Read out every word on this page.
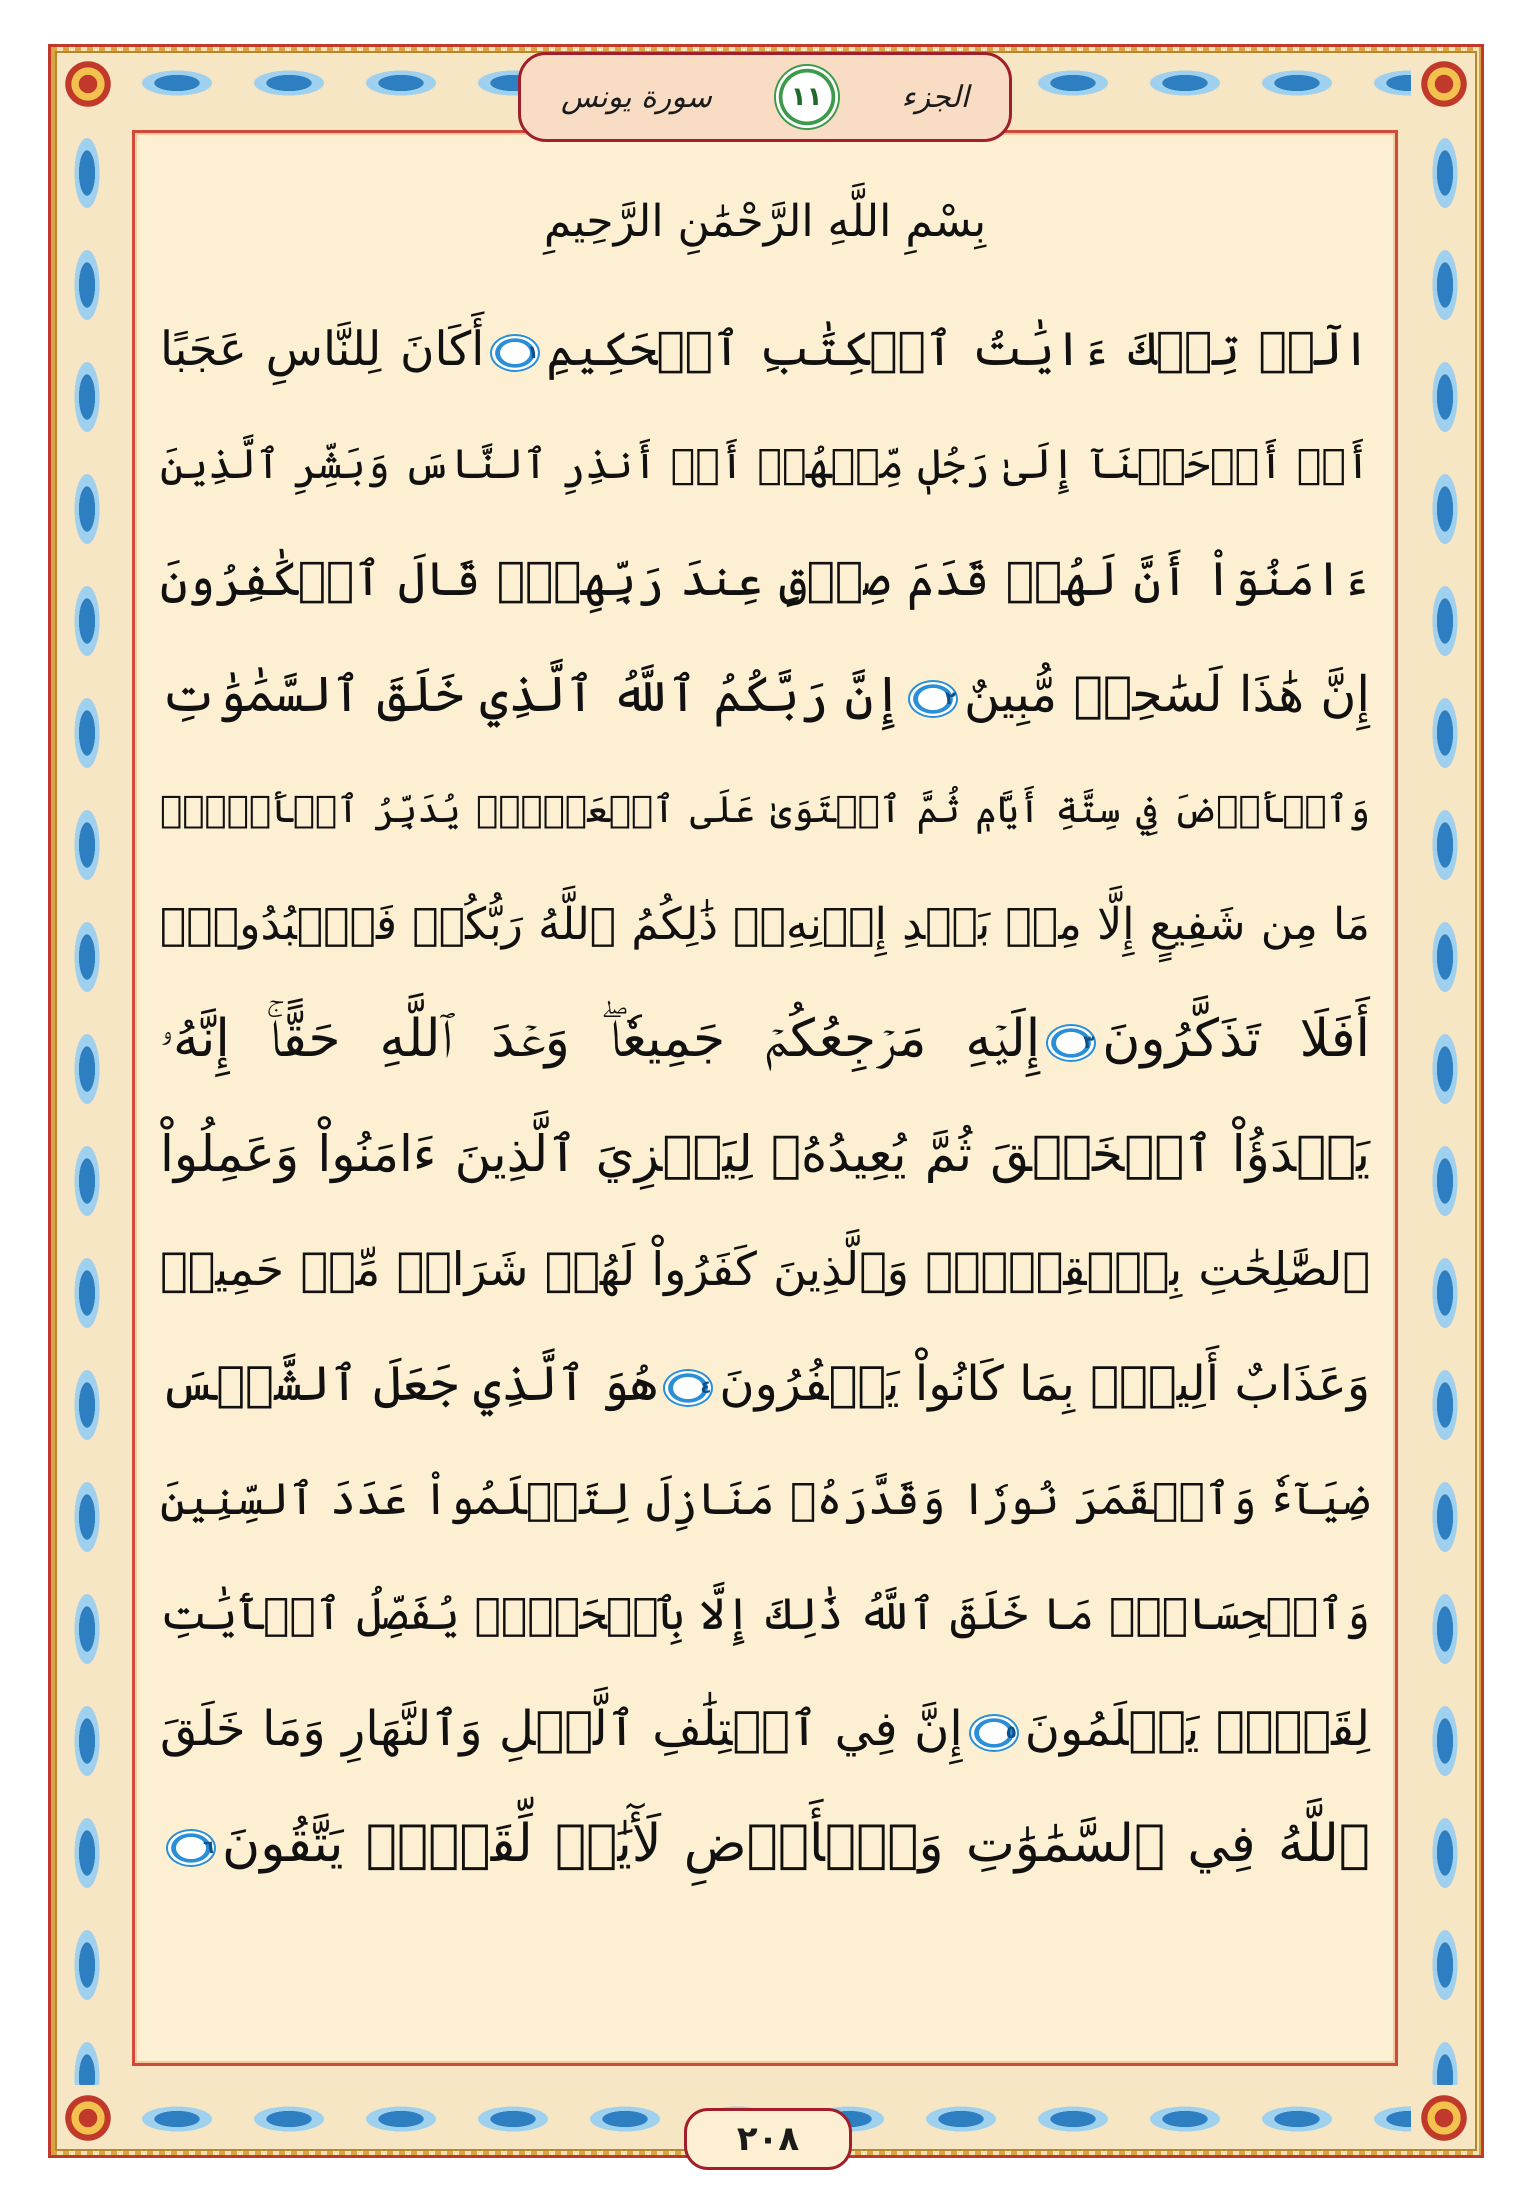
الجزء
١١
سورة يونس
بِسْمِ اللَّهِ الرَّحْمَٰنِ الرَّحِيمِ
الٓرۚ تِلۡكَ ءَايَٰتُ ٱلۡكِتَٰبِ ٱلۡحَكِيمِ١أَكَانَ لِلنَّاسِ عَجَبًا
أَنۡ أَوۡحَيۡنَآ إِلَىٰ رَجُلٖ مِّنۡهُمۡ أَنۡ أَنذِرِ ٱلنَّاسَ وَبَشِّرِ ٱلَّذِينَ
ءَامَنُوٓاْ أَنَّ لَهُمۡ قَدَمَ صِدۡقٍ عِندَ رَبِّهِمۡۗ قَالَ ٱلۡكَٰفِرُونَ
إِنَّ هَٰذَا لَسَٰحِرٞ مُّبِينٌ٢إِنَّ رَبَّكُمُ ٱللَّهُ ٱلَّذِي خَلَقَ ٱلسَّمَٰوَٰتِ
وَٱلۡأَرۡضَ فِي سِتَّةِ أَيَّامٖ ثُمَّ ٱسۡتَوَىٰ عَلَى ٱلۡعَرۡشِۖ يُدَبِّرُ ٱلۡأَمۡرَۖ
مَا مِن شَفِيعٍ إِلَّا مِنۢ بَعۡدِ إِذۡنِهِۦۚ ذَٰلِكُمُ ٱللَّهُ رَبُّكُمۡ فَٱعۡبُدُوهُۚ
أَفَلَا تَذَكَّرُونَ٣إِلَيۡهِ مَرۡجِعُكُمۡ جَمِيعٗاۖ وَعۡدَ ٱللَّهِ حَقًّاۚ إِنَّهُۥ
يَبۡدَؤُاْ ٱلۡخَلۡقَ ثُمَّ يُعِيدُهُۥ لِيَجۡزِيَ ٱلَّذِينَ ءَامَنُواْ وَعَمِلُواْ
ٱلصَّٰلِحَٰتِ بِٱلۡقِسۡطِۚ وَٱلَّذِينَ كَفَرُواْ لَهُمۡ شَرَابٞ مِّنۡ حَمِيمٖ
وَعَذَابٌ أَلِيمُۢ بِمَا كَانُواْ يَكۡفُرُونَ٤هُوَ ٱلَّذِي جَعَلَ ٱلشَّمۡسَ
ضِيَآءٗ وَٱلۡقَمَرَ نُورٗا وَقَدَّرَهُۥ مَنَازِلَ لِتَعۡلَمُواْ عَدَدَ ٱلسِّنِينَ
وَٱلۡحِسَابَۚ مَا خَلَقَ ٱللَّهُ ذَٰلِكَ إِلَّا بِٱلۡحَقِّۚ يُفَصِّلُ ٱلۡأٓيَٰتِ
لِقَوۡمٖ يَعۡلَمُونَ٥إِنَّ فِي ٱخۡتِلَٰفِ ٱلَّيۡلِ وَٱلنَّهَارِ وَمَا خَلَقَ
ٱللَّهُ فِي ٱلسَّمَٰوَٰتِ وَٱلۡأَرۡضِ لَأٓيَٰتٖ لِّقَوۡمٖ يَتَّقُونَ٦
٢٠٨
